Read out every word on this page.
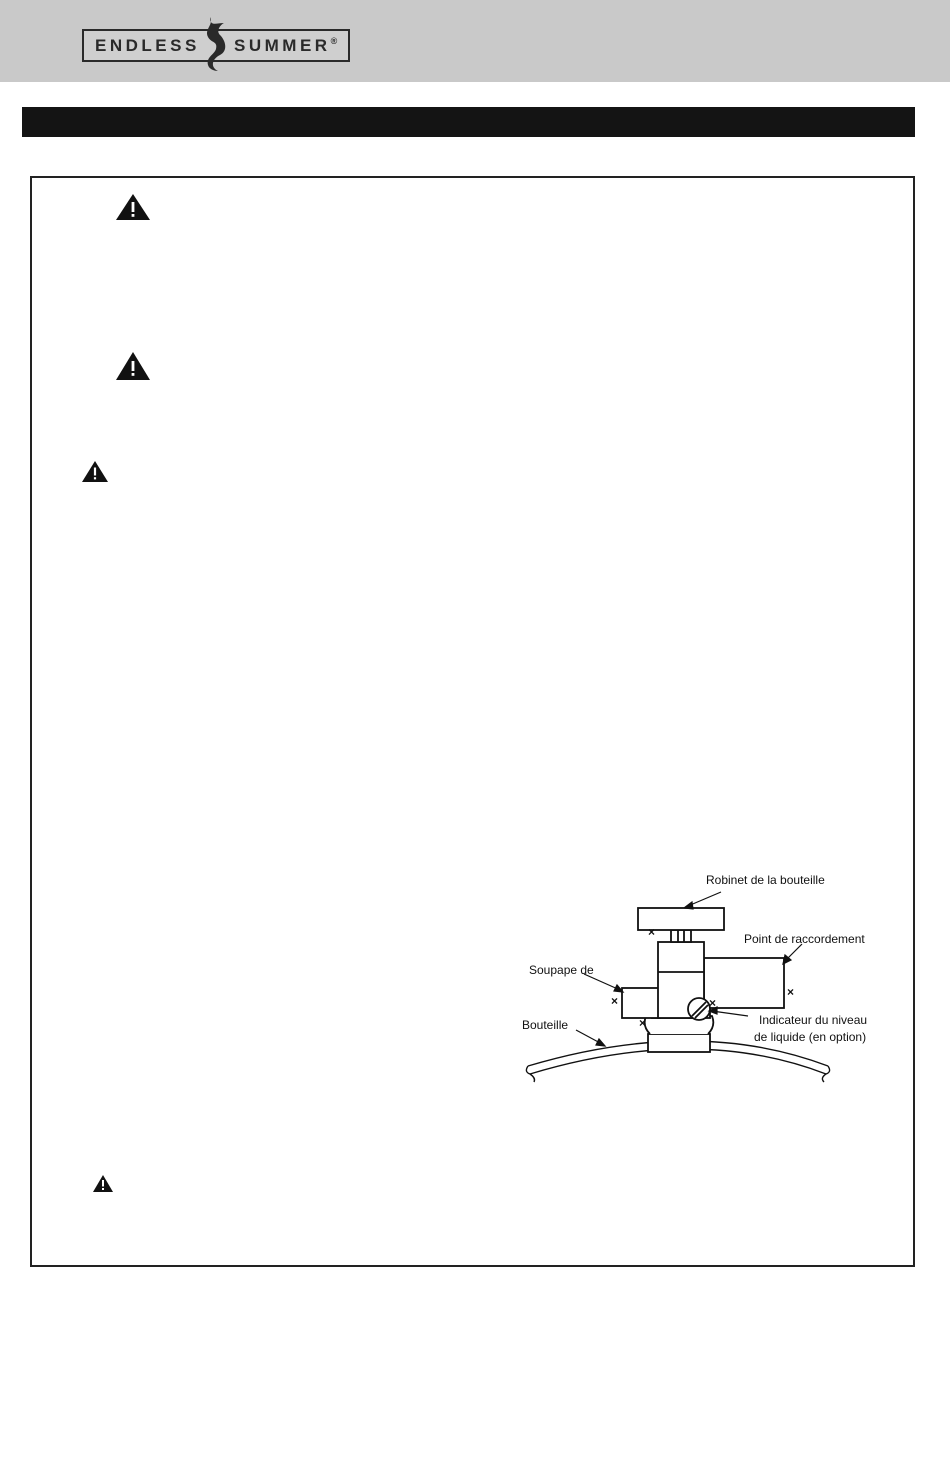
ENDLESS SUMMER®
×
×
×
×
×
Robinet de la bouteille
Point de raccordement
Soupape de
Bouteille	Indicateur du niveau
de liquide (en option)
